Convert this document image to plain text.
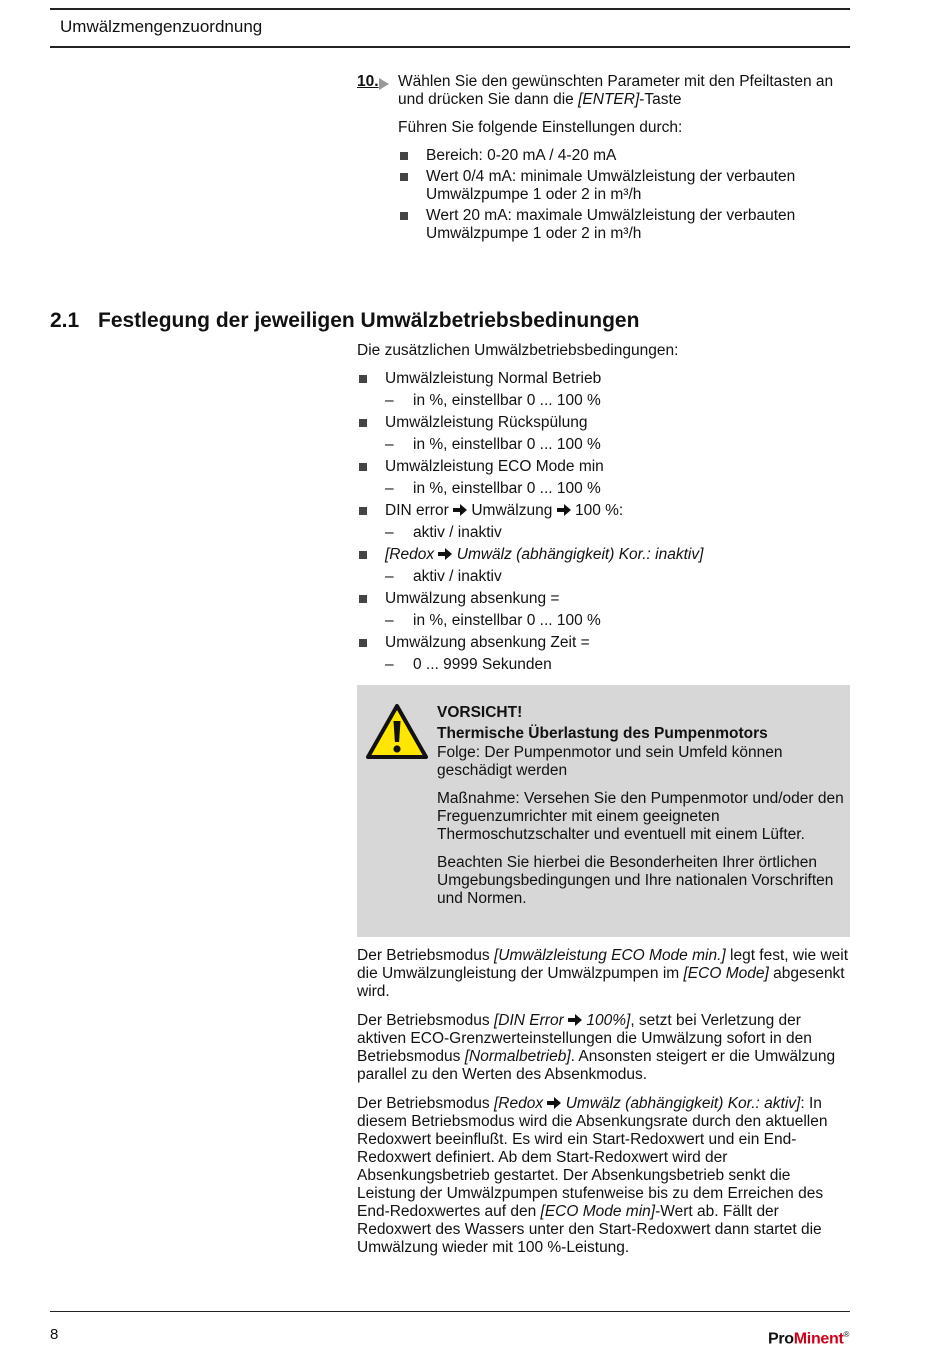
Umwälzmengenzuordnung
10. Wählen Sie den gewünschten Parameter mit den Pfeiltasten an und drücken Sie dann die [ENTER]-Taste

Führen Sie folgende Einstellungen durch:

Bereich: 0-20 mA / 4-20 mA
Wert 0/4 mA: minimale Umwälzleistung der verbauten Umwälzpumpe 1 oder 2 in m³/h
Wert 20 mA: maximale Umwälzleistung der verbauten Umwälzpumpe 1 oder 2 in m³/h
2.1 Festlegung der jeweiligen Umwälzbetriebsbedinungen

Die zusätzlichen Umwälzbetriebsbedingungen:

Umwälzleistung Normal Betrieb
– in %, einstellbar 0 ... 100 %
Umwälzleistung Rückspülung
– in %, einstellbar 0 ... 100 %
Umwälzleistung ECO Mode min
– in %, einstellbar 0 ... 100 %
DIN error Umwälzung 100 %:
– aktiv / inaktiv
[Redox Umwälz (abhängigkeit) Kor.: inaktiv]
– aktiv / inaktiv
Umwälzung absenkung =
– in %, einstellbar 0 ... 100 %
Umwälzung absenkung Zeit =
– 0 ... 9999 Sekunden

VORSICHT!

Thermische Überlastung des Pumpenmotors

Folge: Der Pumpenmotor und sein Umfeld können geschädigt werden

Maßnahme: Versehen Sie den Pumpenmotor und/oder den Freguenzumrichter mit einem geeigneten Thermoschutzschalter und eventuell mit einem Lüfter.

Beachten Sie hierbei die Besonderheiten Ihrer örtlichen Umgebungsbedingungen und Ihre nationalen Vorschriften und Normen.

Der Betriebsmodus [Umwälzleistung ECO Mode min.] legt fest, wie weit die Umwälzungleistung der Umwälzpumpen im [ECO Mode] abgesenkt wird.

Der Betriebsmodus [DIN Error 100%], setzt bei Verletzung der aktiven ECO-Grenzwerteinstellungen die Umwälzung sofort in den Betriebsmodus [Normalbetrieb]. Ansonsten steigert er die Umwälzung parallel zu den Werten des Absenkmodus.

Der Betriebsmodus [Redox Umwälz (abhängigkeit) Kor.: aktiv]: In diesem Betriebsmodus wird die Absenkungsrate durch den aktuellen Redoxwert beeinflußt. Es wird ein Start-Redoxwert und ein End-Redoxwert definiert. Ab dem Start-Redoxwert wird der Absenkungsbetrieb gestartet. Der Absenkungsbetrieb senkt die Leistung der Umwälzpumpen stufenweise bis zu dem Erreichen des End-Redoxwertes auf den [ECO Mode min]-Wert ab. Fällt der Redoxwert des Wassers unter den Start-Redoxwert dann startet die Umwälzung wieder mit 100 %-Leistung.

8	ProMinent®
